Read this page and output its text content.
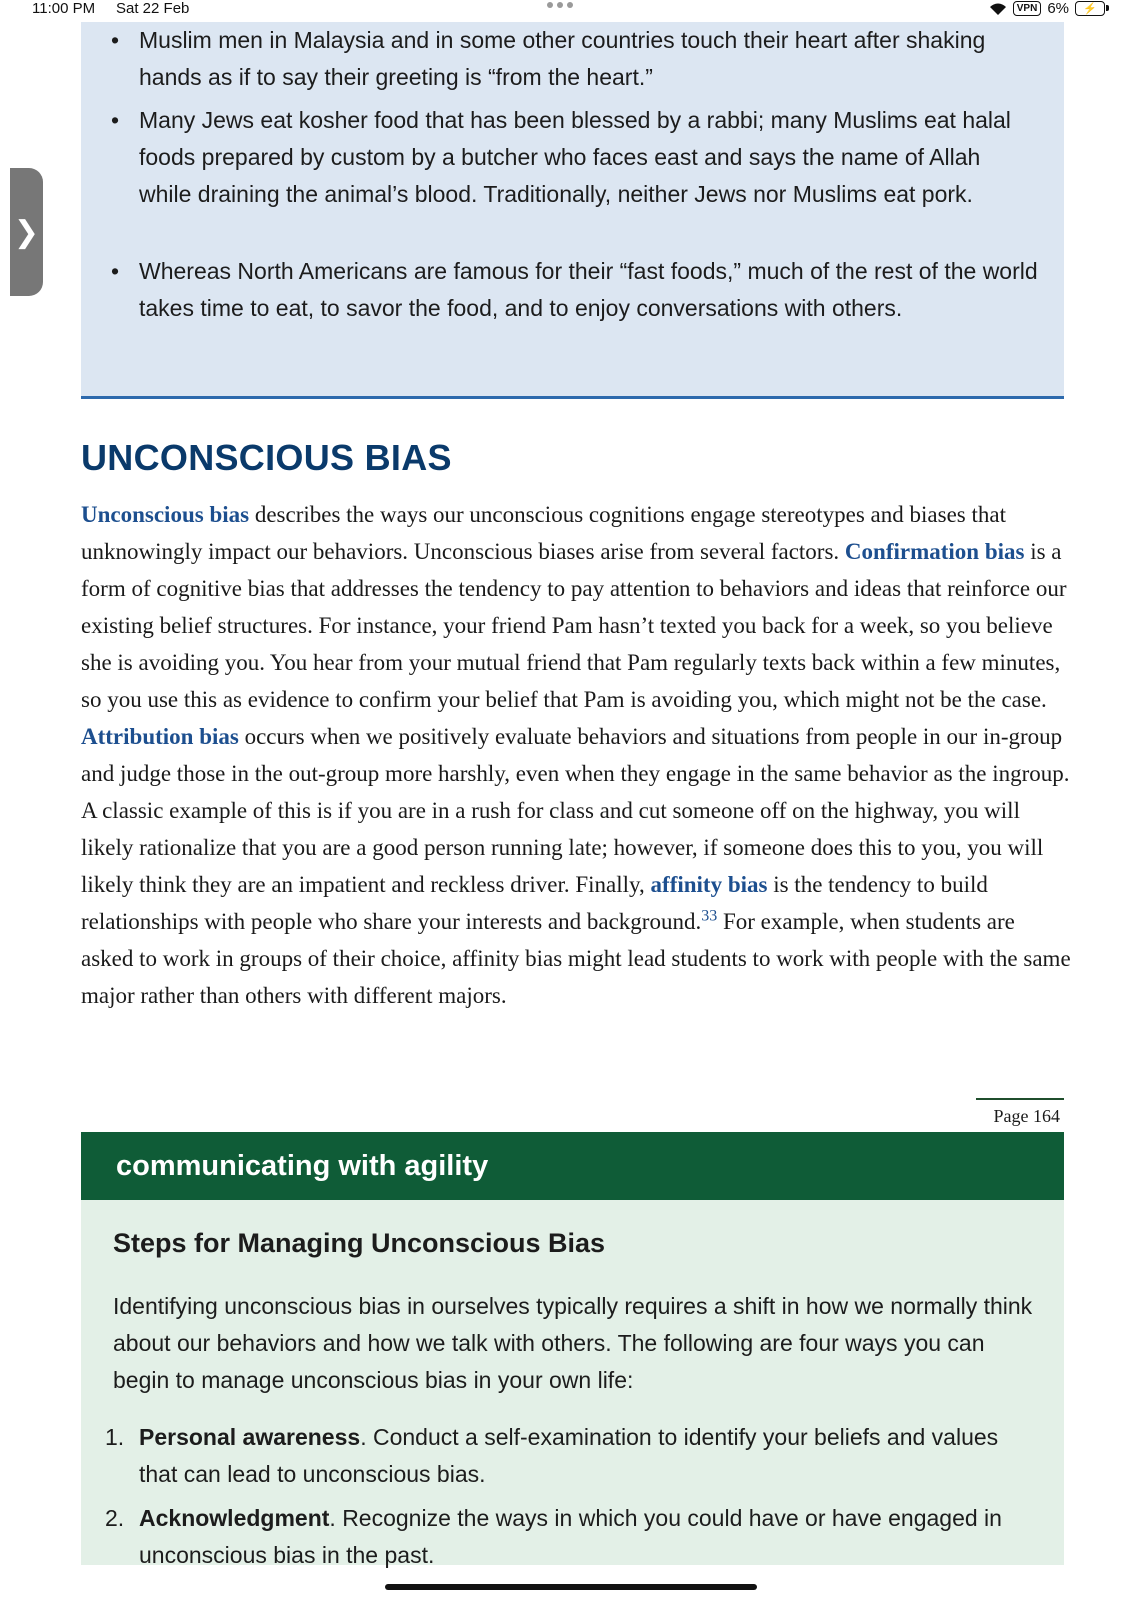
11:00 PM Sat 22 Feb	VPN 6%	⚡
❯
• Muslim men in Malaysia and in some other countries touch their heart after shaking hands as if to say their greeting is “from the heart.”
• Many Jews eat kosher food that has been blessed by a rabbi; many Muslims eat halal foods prepared by custom by a butcher who faces east and says the name of Allah while draining the animal’s blood. Traditionally, neither Jews nor Muslims eat pork.
• Whereas North Americans are famous for their “fast foods,” much of the rest of the world takes time to eat, to savor the food, and to enjoy conversations with others.
UNCONSCIOUS BIAS

Unconscious bias describes the ways our unconscious cognitions engage stereotypes and biases that unknowingly impact our behaviors. Unconscious biases arise from several factors. Confirmation bias is a form of cognitive bias that addresses the tendency to pay attention to behaviors and ideas that reinforce our existing belief structures. For instance, your friend Pam hasn’t texted you back for a week, so you believe she is avoiding you. You hear from your mutual friend that Pam regularly texts back within a few minutes, so you use this as evidence to confirm your belief that Pam is avoiding you, which might not be the case. Attribution bias occurs when we positively evaluate behaviors and situations from people in our in-group and judge those in the out-group more harshly, even when they engage in the same behavior as the ingroup. A classic example of this is if you are in a rush for class and cut someone off on the highway, you will likely rationalize that you are a good person running late; however, if someone does this to you, you will likely think they are an impatient and reckless driver. Finally, affinity bias is the tendency to build relationships with people who share your interests and background.$^{33}$ For example, when students are asked to work in groups of their choice, affinity bias might lead students to work with people with the same major rather than others with different majors.

Page 164
communicating with agility
Steps for Managing Unconscious Bias

Identifying unconscious bias in ourselves typically requires a shift in how we normally think about our behaviors and how we talk with others. The following are four ways you can begin to manage unconscious bias in your own life:

1. Personal awareness. Conduct a self-examination to identify your beliefs and values that can lead to unconscious bias.
2. Acknowledgment. Recognize the ways in which you could have or have engaged in unconscious bias in the past.
